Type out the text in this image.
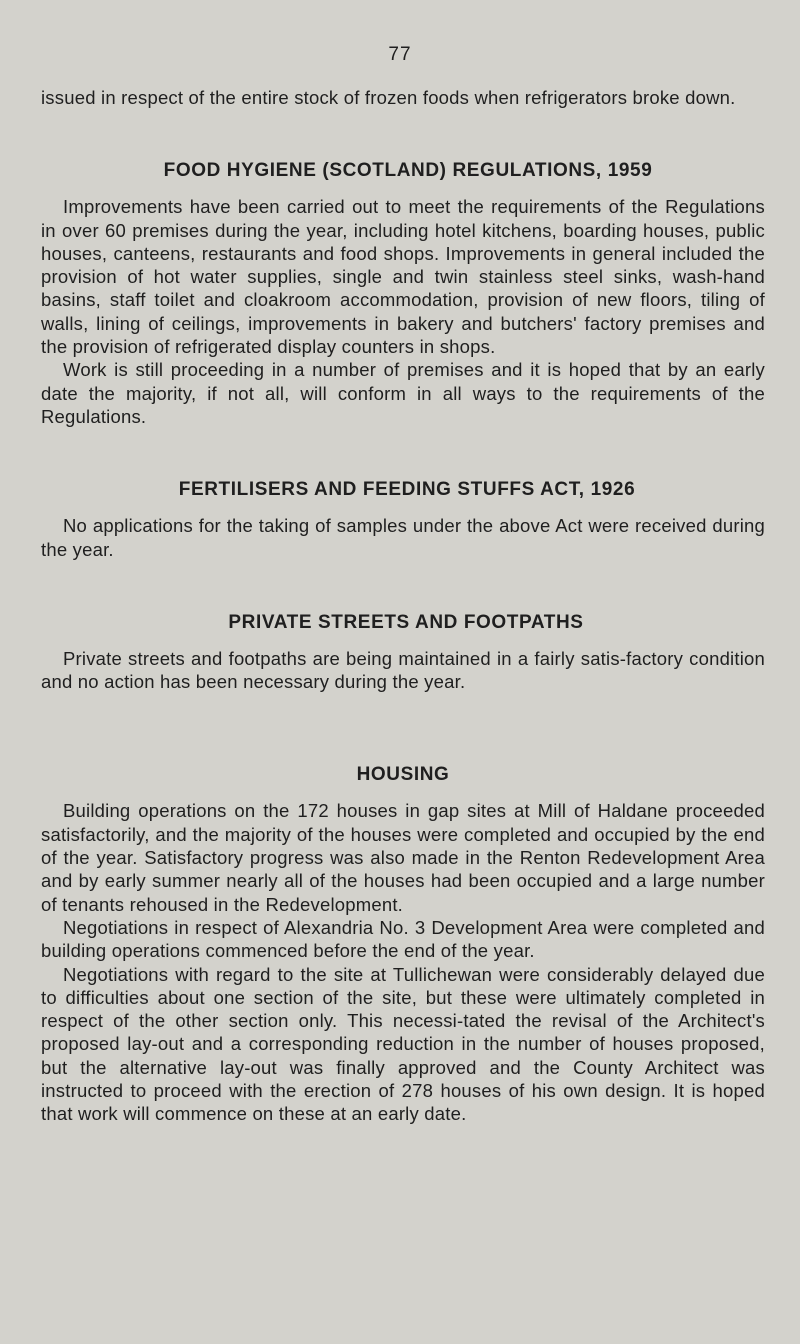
77

issued in respect of the entire stock of frozen foods when refrigerators broke down.

FOOD HYGIENE (SCOTLAND) REGULATIONS, 1959

Improvements have been carried out to meet the requirements of the Regulations in over 60 premises during the year, including hotel kitchens, boarding houses, public houses, canteens, restaurants and food shops. Improvements in general included the provision of hot water supplies, single and twin stainless steel sinks, wash-hand basins, staff toilet and cloakroom accommodation, provision of new floors, tiling of walls, lining of ceilings, improvements in bakery and butchers' factory premises and the provision of refrigerated display counters in shops.

Work is still proceeding in a number of premises and it is hoped that by an early date the majority, if not all, will conform in all ways to the requirements of the Regulations.

FERTILISERS AND FEEDING STUFFS ACT, 1926

No applications for the taking of samples under the above Act were received during the year.

PRIVATE STREETS AND FOOTPATHS

Private streets and footpaths are being maintained in a fairly satis-factory condition and no action has been necessary during the year.

HOUSING

Building operations on the 172 houses in gap sites at Mill of Haldane proceeded satisfactorily, and the majority of the houses were completed and occupied by the end of the year. Satisfactory progress was also made in the Renton Redevelopment Area and by early summer nearly all of the houses had been occupied and a large number of tenants rehoused in the Redevelopment.

Negotiations in respect of Alexandria No. 3 Development Area were completed and building operations commenced before the end of the year.

Negotiations with regard to the site at Tullichewan were considerably delayed due to difficulties about one section of the site, but these were ultimately completed in respect of the other section only. This necessi-tated the revisal of the Architect's proposed lay-out and a corresponding reduction in the number of houses proposed, but the alternative lay-out was finally approved and the County Architect was instructed to proceed with the erection of 278 houses of his own design. It is hoped that work will commence on these at an early date.
